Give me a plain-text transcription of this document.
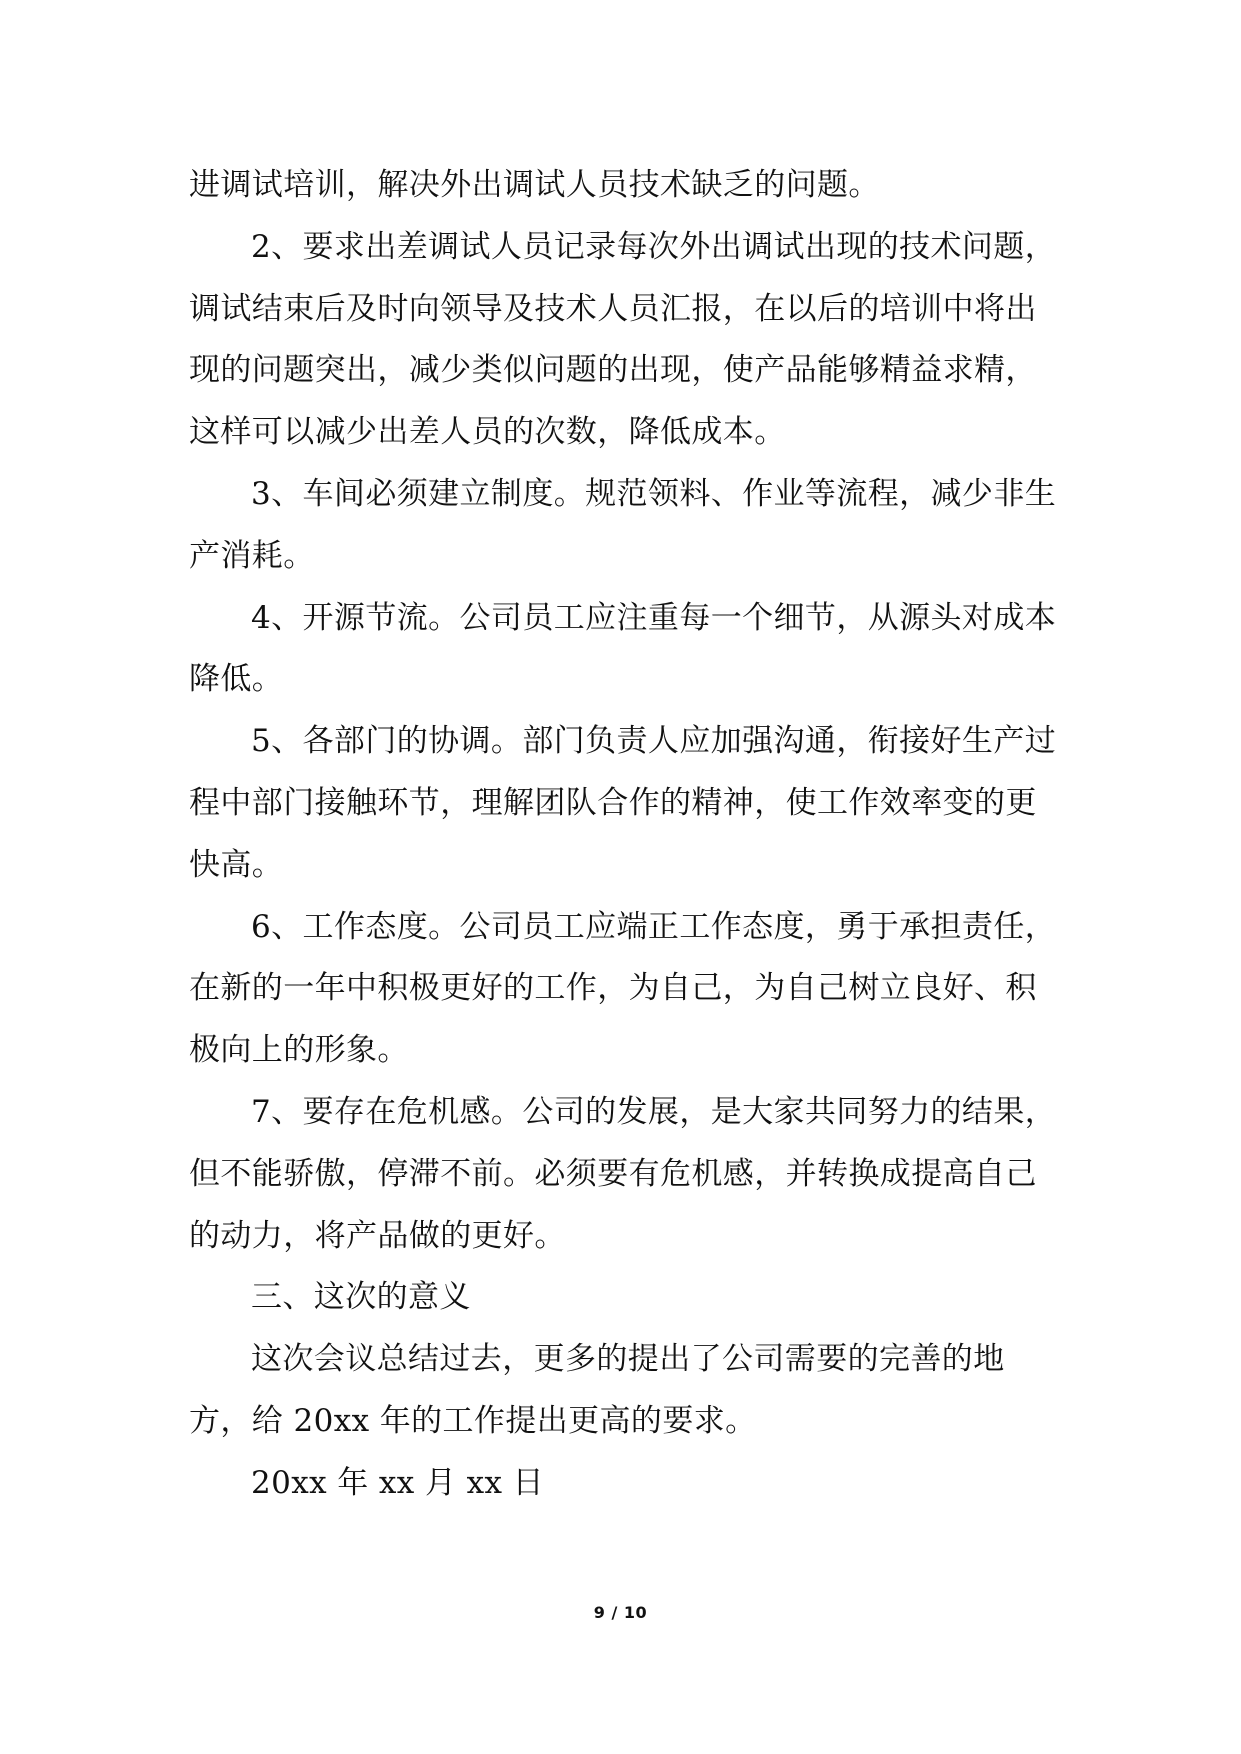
进调试培训，解决外出调试人员技术缺乏的问题。

2、要求出差调试人员记录每次外出调试出现的技术问题，调试结束后及时向领导及技术人员汇报，在以后的培训中将出现的问题突出，减少类似问题的出现，使产品能够精益求精，这样可以减少出差人员的次数，降低成本。

3、车间必须建立制度。规范领料、作业等流程，减少非生产消耗。

4、开源节流。公司员工应注重每一个细节，从源头对成本降低。

5、各部门的协调。部门负责人应加强沟通，衔接好生产过程中部门接触环节，理解团队合作的精神，使工作效率变的更快高。

6、工作态度。公司员工应端正工作态度，勇于承担责任，在新的一年中积极更好的工作，为自己，为自己树立良好、积极向上的形象。

7、要存在危机感。公司的发展，是大家共同努力的结果，但不能骄傲，停滞不前。必须要有危机感，并转换成提高自己的动力，将产品做的更好。

三、这次的意义

这次会议总结过去，更多的提出了公司需要的完善的地方，给 20xx 年的工作提出更高的要求。

20xx 年 xx 月 xx 日

9 / 10
